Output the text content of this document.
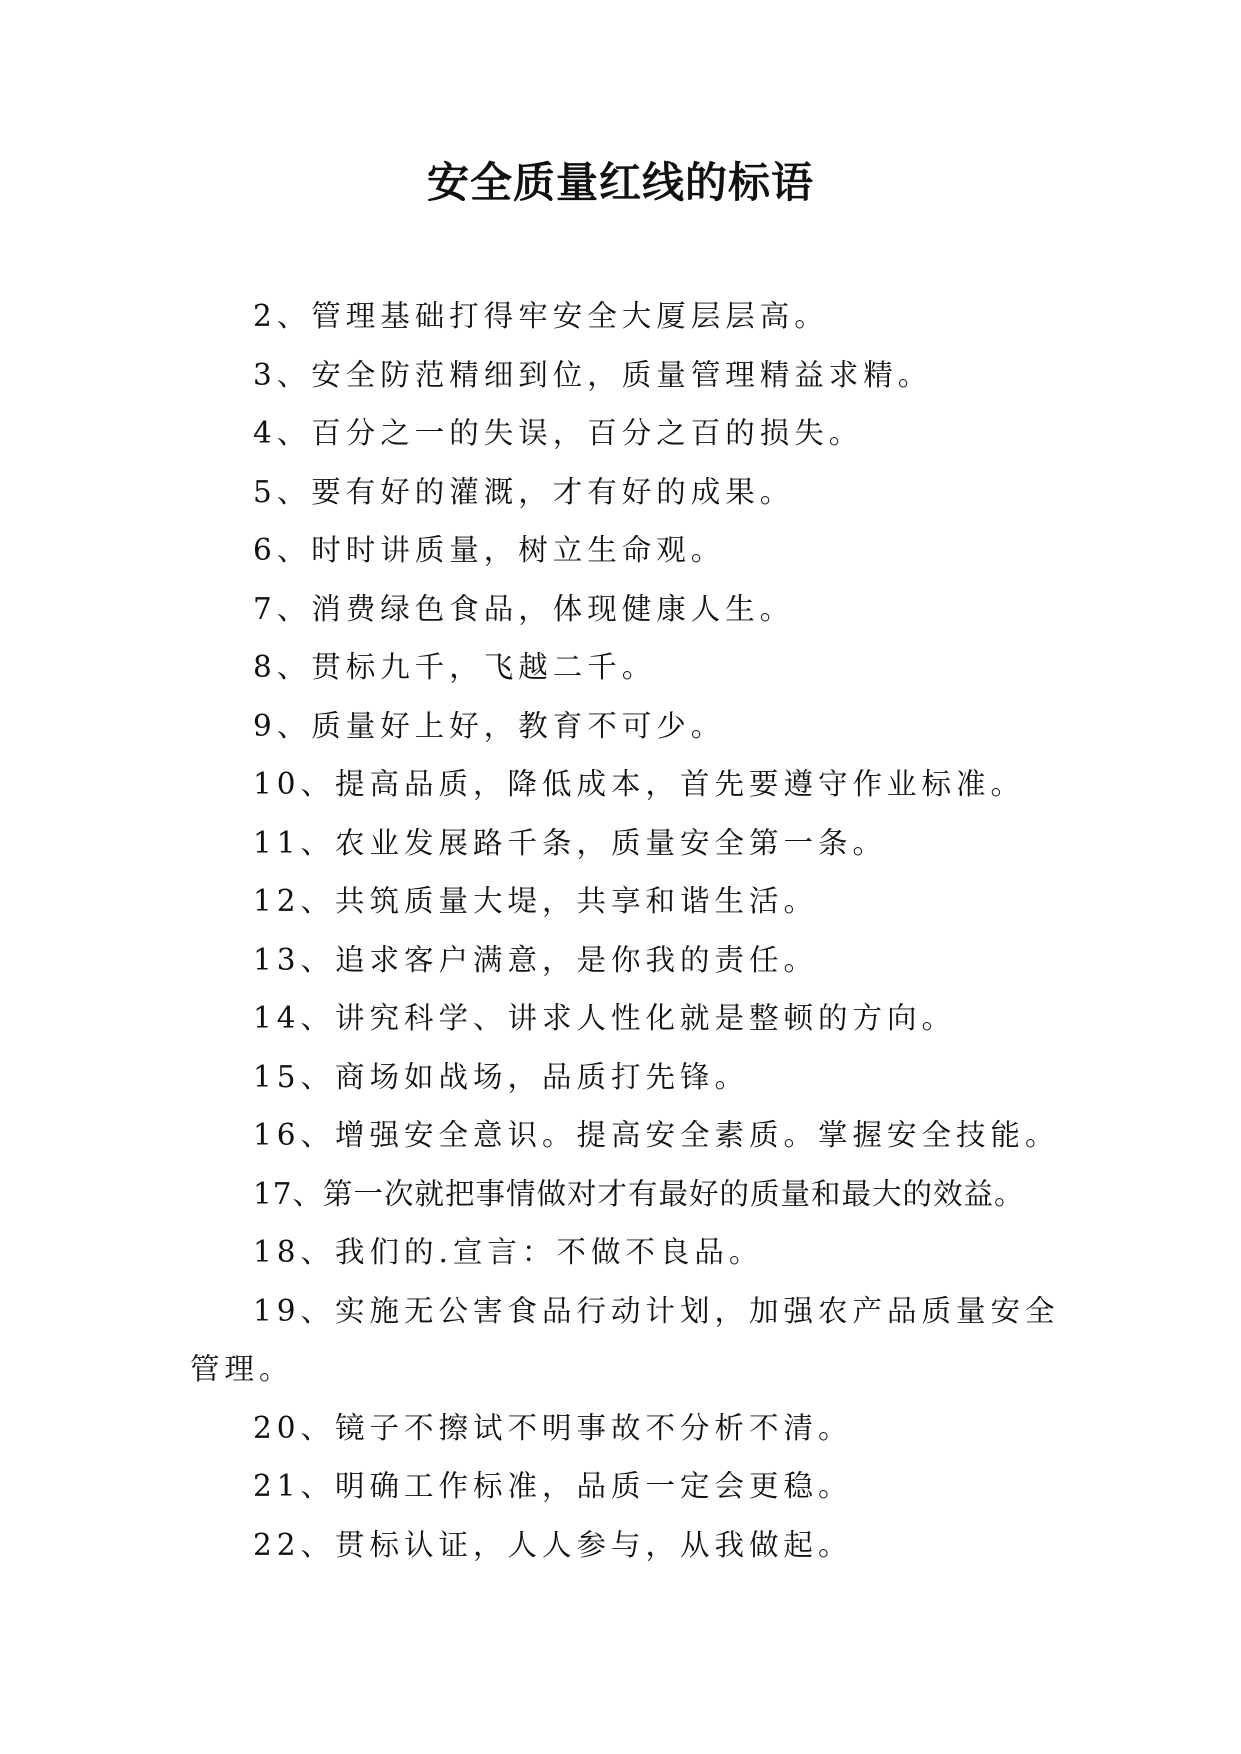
安全质量红线的标语

2、管理基础打得牢安全大厦层层高。

3、安全防范精细到位，质量管理精益求精。

4、百分之一的失误，百分之百的损失。

5、要有好的灌溉，才有好的成果。

6、时时讲质量，树立生命观。

7、消费绿色食品，体现健康人生。

8、贯标九千，飞越二千。

9、质量好上好，教育不可少。

10、提高品质，降低成本，首先要遵守作业标准。

11、农业发展路千条，质量安全第一条。

12、共筑质量大堤，共享和谐生活。

13、追求客户满意，是你我的责任。

14、讲究科学、讲求人性化就是整顿的方向。

15、商场如战场，品质打先锋。

16、增强安全意识。提高安全素质。掌握安全技能。

17、第一次就把事情做对才有最好的质量和最大的效益。

18、我们的.宣言：不做不良品。

19、实施无公害食品行动计划，加强农产品质量安全管理。

20、镜子不擦试不明事故不分析不清。

21、明确工作标准，品质一定会更稳。

22、贯标认证，人人参与，从我做起。
